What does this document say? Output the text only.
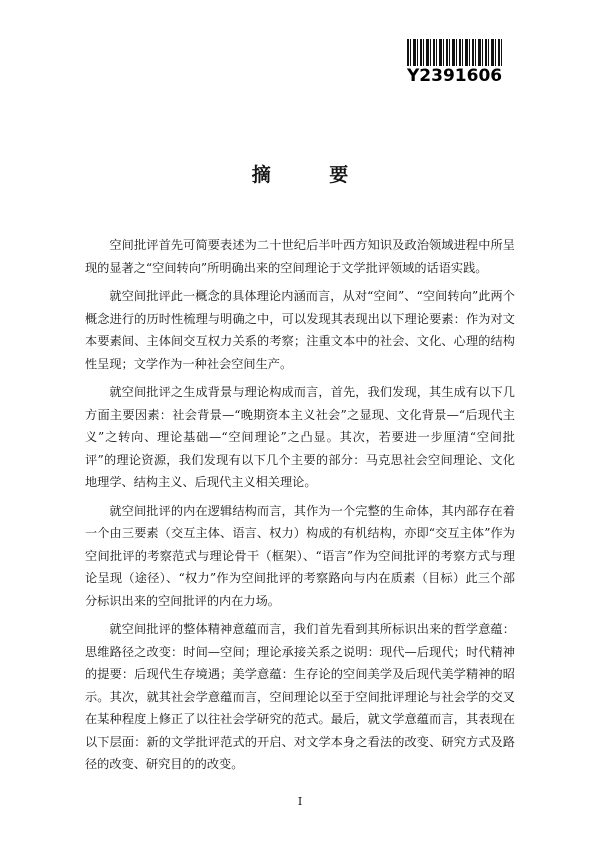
Y2391606
摘 要

空间批评首先可简要表述为二十世纪后半叶西方知识及政治领域进程中所呈现的显著之“空间转向”所明确出来的空间理论于文学批评领域的话语实践。

就空间批评此一概念的具体理论内涵而言，从对“空间”、“空间转向”此两个概念进行的历时性梳理与明确之中，可以发现其表现出以下理论要素：作为对文本要素间、主体间交互权力关系的考察；注重文本中的社会、文化、心理的结构性呈现；文学作为一种社会空间生产。

就空间批评之生成背景与理论构成而言，首先，我们发现，其生成有以下几方面主要因素：社会背景—“晚期资本主义社会”之显现、文化背景—“后现代主义”之转向、理论基础—“空间理论”之凸显。其次，若要进一步厘清“空间批评”的理论资源，我们发现有以下几个主要的部分：马克思社会空间理论、文化地理学、结构主义、后现代主义相关理论。

就空间批评的内在逻辑结构而言，其作为一个完整的生命体，其内部存在着一个由三要素（交互主体、语言、权力）构成的有机结构，亦即“交互主体”作为空间批评的考察范式与理论骨干（框架）、“语言”作为空间批评的考察方式与理论呈现（途径）、“权力”作为空间批评的考察路向与内在质素（目标）此三个部分标识出来的空间批评的内在力场。

就空间批评的整体精神意蕴而言，我们首先看到其所标识出来的哲学意蕴：思维路径之改变：时间—空间；理论承接关系之说明：现代—后现代；时代精神的提要：后现代生存境遇；美学意蕴：生存论的空间美学及后现代美学精神的昭示。其次，就其社会学意蕴而言，空间理论以至于空间批评理论与社会学的交叉在某种程度上修正了以往社会学研究的范式。最后，就文学意蕴而言，其表现在以下层面：新的文学批评范式的开启、对文学本身之看法的改变、研究方式及路径的改变、研究目的的改变。

I
